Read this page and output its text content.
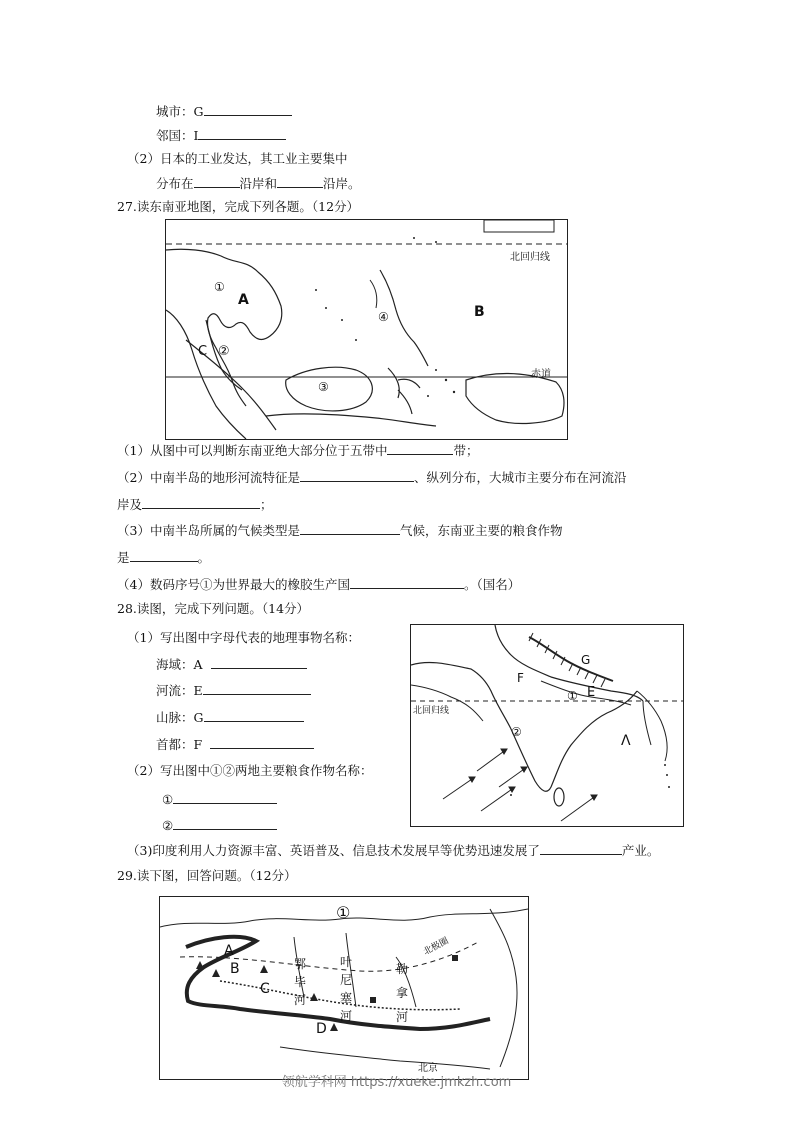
城市：G
邻国：I
（2）日本的工业发达，其工业主要集中
分布在	沿岸和	沿岸。
27.读东南亚地图，完成下列各题。（12分）
北回归线
赤道
①
A
B
C ②
③
④
（1）从图中可以判断东南亚绝大部分位于五带中	带；
（2）中南半岛的地形河流特征是	、纵列分布，大城市主要分布在河流沿
岸及	；
（3）中南半岛所属的气候类型是	气候，东南亚主要的粮食作物
是	。
（4）数码序号①为世界最大的橡胶生产国	。（国名）
28.读图，完成下列问题。（14分）
（1）写出图中字母代表的地理事物名称：
海域：A
河流：E
山脉：G
首都：F
（2）写出图中①②两地主要粮食作物名称：
①
②
北回归线
G
F
① E
②
Λ
（3)印度利用人力资源丰富、英语普及、信息技术发展早等优势迅速发展了	产业。
29.读下图，回答问题。（12分）
①
A
B
C
D
鄂毕河
叶尼塞河
勒拿河
北极圈
北京
领航学科网 https://xueke.jmkzh.com
